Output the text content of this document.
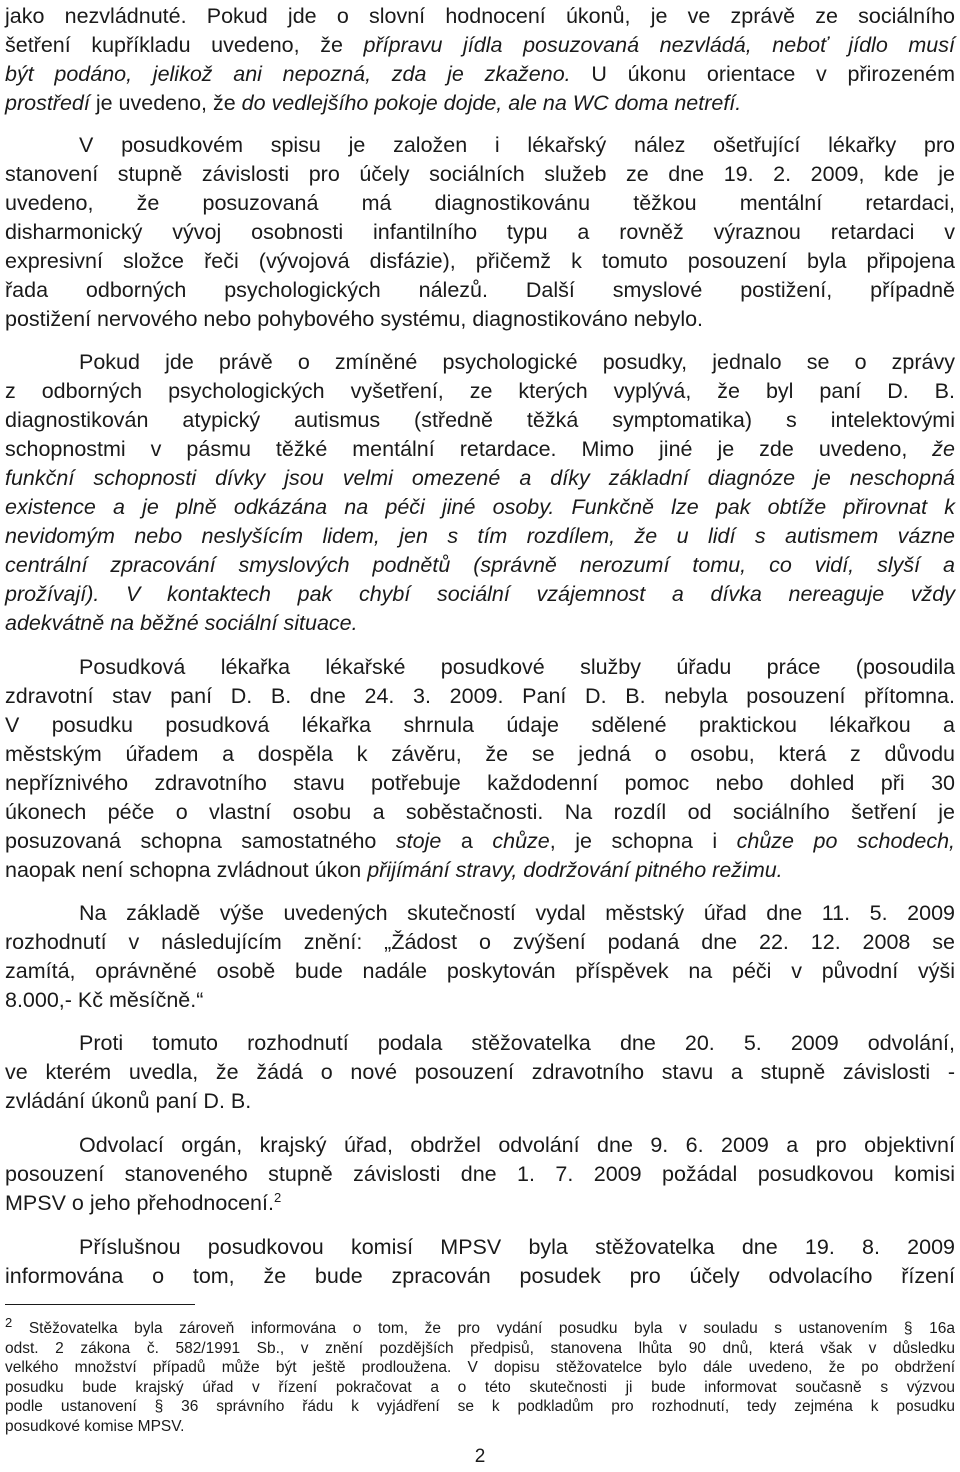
jako nezvládnuté. Pokud jde o slovní hodnocení úkonů, je ve zprávě ze sociálního
šetření kupříkladu uvedeno, že přípravu jídla posuzovaná nezvládá, neboť jídlo musí
být podáno, jelikož ani nepozná, zda je zkaženo. U úkonu orientace v přirozeném
prostředí je uvedeno, že do vedlejšího pokoje dojde, ale na WC doma netrefí.
V posudkovém spisu je založen i lékařský nález ošetřující lékařky pro
stanovení stupně závislosti pro účely sociálních služeb ze dne 19. 2. 2009, kde je
uvedeno, že posuzovaná má diagnostikovánu těžkou mentální retardaci,
disharmonický vývoj osobnosti infantilního typu a rovněž výraznou retardaci v
expresivní složce řeči (vývojová disfázie), přičemž k tomuto posouzení byla připojena
řada odborných psychologických nálezů. Další smyslové postižení, případně
postižení nervového nebo pohybového systému, diagnostikováno nebylo.
Pokud jde právě o zmíněné psychologické posudky, jednalo se o zprávy
z odborných psychologických vyšetření, ze kterých vyplývá, že byl paní D. B.
diagnostikován atypický autismus (středně těžká symptomatika) s intelektovými
schopnostmi v pásmu těžké mentální retardace. Mimo jiné je zde uvedeno, že
funkční schopnosti dívky jsou velmi omezené a díky základní diagnóze je neschopná
existence a je plně odkázána na péči jiné osoby. Funkčně lze pak obtíže přirovnat k
nevidomým nebo neslyšícím lidem, jen s tím rozdílem, že u lidí s autismem vázne
centrální zpracování smyslových podnětů (správně nerozumí tomu, co vidí, slyší a
prožívají). V kontaktech pak chybí sociální vzájemnost a dívka nereaguje vždy
adekvátně na běžné sociální situace.
Posudková lékařka lékařské posudkové služby úřadu práce (posoudila
zdravotní stav paní D. B. dne 24. 3. 2009. Paní D. B. nebyla posouzení přítomna.
V posudku posudková lékařka shrnula údaje sdělené praktickou lékařkou a
městským úřadem a dospěla k závěru, že se jedná o osobu, která z důvodu
nepříznivého zdravotního stavu potřebuje každodenní pomoc nebo dohled při 30
úkonech péče o vlastní osobu a soběstačnosti. Na rozdíl od sociálního šetření je
posuzovaná schopna samostatného stoje a chůze, je schopna i chůze po schodech,
naopak není schopna zvládnout úkon přijímání stravy, dodržování pitného režimu.
Na základě výše uvedených skutečností vydal městský úřad dne 11. 5. 2009
rozhodnutí v následujícím znění: „Žádost o zvýšení podaná dne 22. 12. 2008 se
zamítá, oprávněné osobě bude nadále poskytován příspěvek na péči v původní výši
8.000,- Kč měsíčně.“
Proti tomuto rozhodnutí podala stěžovatelka dne 20. 5. 2009 odvolání,
ve kterém uvedla, že žádá o nové posouzení zdravotního stavu a stupně závislosti -
zvládání úkonů paní D. B.
Odvolací orgán, krajský úřad, obdržel odvolání dne 9. 6. 2009 a pro objektivní
posouzení stanoveného stupně závislosti dne 1. 7. 2009 požádal posudkovou komisi
MPSV o jeho přehodnocení.$^2$
Příslušnou posudkovou komisí MPSV byla stěžovatelka dne 19. 8. 2009
informována o tom, že bude zpracován posudek pro účely odvolacího řízení
$^2$ Stěžovatelka byla zároveň informována o tom, že pro vydání posudku byla v souladu s ustanovením § 16a
odst. 2 zákona č. 582/1991 Sb., v znění pozdějších předpisů, stanovena lhůta 90 dnů, která však v důsledku
velkého množství případů může být ještě prodloužena. V dopisu stěžovatelce bylo dále uvedeno, že po obdržení
posudku bude krajský úřad v řízení pokračovat a o této skutečnosti ji bude informovat současně s výzvou
podle ustanovení § 36 správního řádu k vyjádření se k podkladům pro rozhodnutí, tedy zejména k posudku
posudkové komise MPSV.
2
